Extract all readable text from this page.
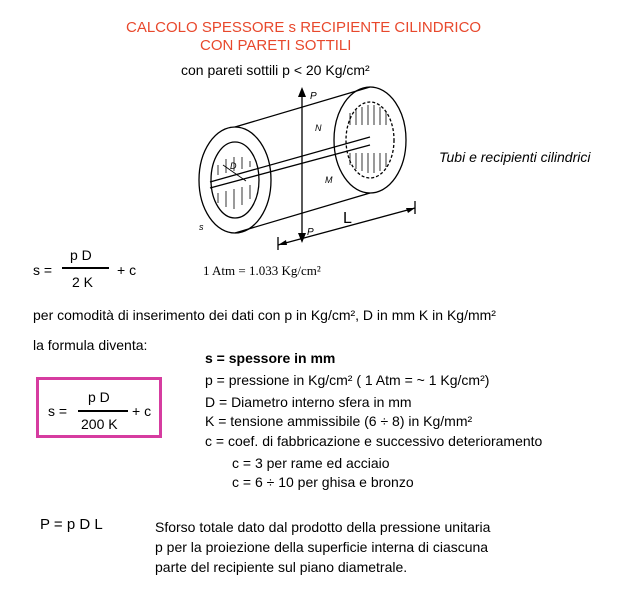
CALCOLO SPESSORE s RECIPIENTE CILINDRICO
CON PARETI SOTTILI
con pareti sottili p < 20 Kg/cm²
P
P
N
M
D
s	L
Tubi e recipienti cilindrici
s =
p D
2 K
+ c	1 Atm = 1.033 Kg/cm²
per comodità di inserimento dei dati con p in Kg/cm², D in mm K in Kg/mm²
la formula diventa:
s =
p D
200 K
+ c
s = spessore in mm
p = pressione in Kg/cm² ( 1 Atm = ~ 1 Kg/cm²)
D = Diametro interno sfera in mm
K = tensione ammissibile (6 ÷ 8) in Kg/mm²
c = coef. di fabbricazione e successivo deterioramento
c = 3 per rame ed acciaio
c = 6 ÷ 10 per ghisa e bronzo
P = p D L	Sforso totale dato dal prodotto della pressione unitaria
p per la proiezione della superficie interna di ciascuna
parte del recipiente sul piano diametrale.
